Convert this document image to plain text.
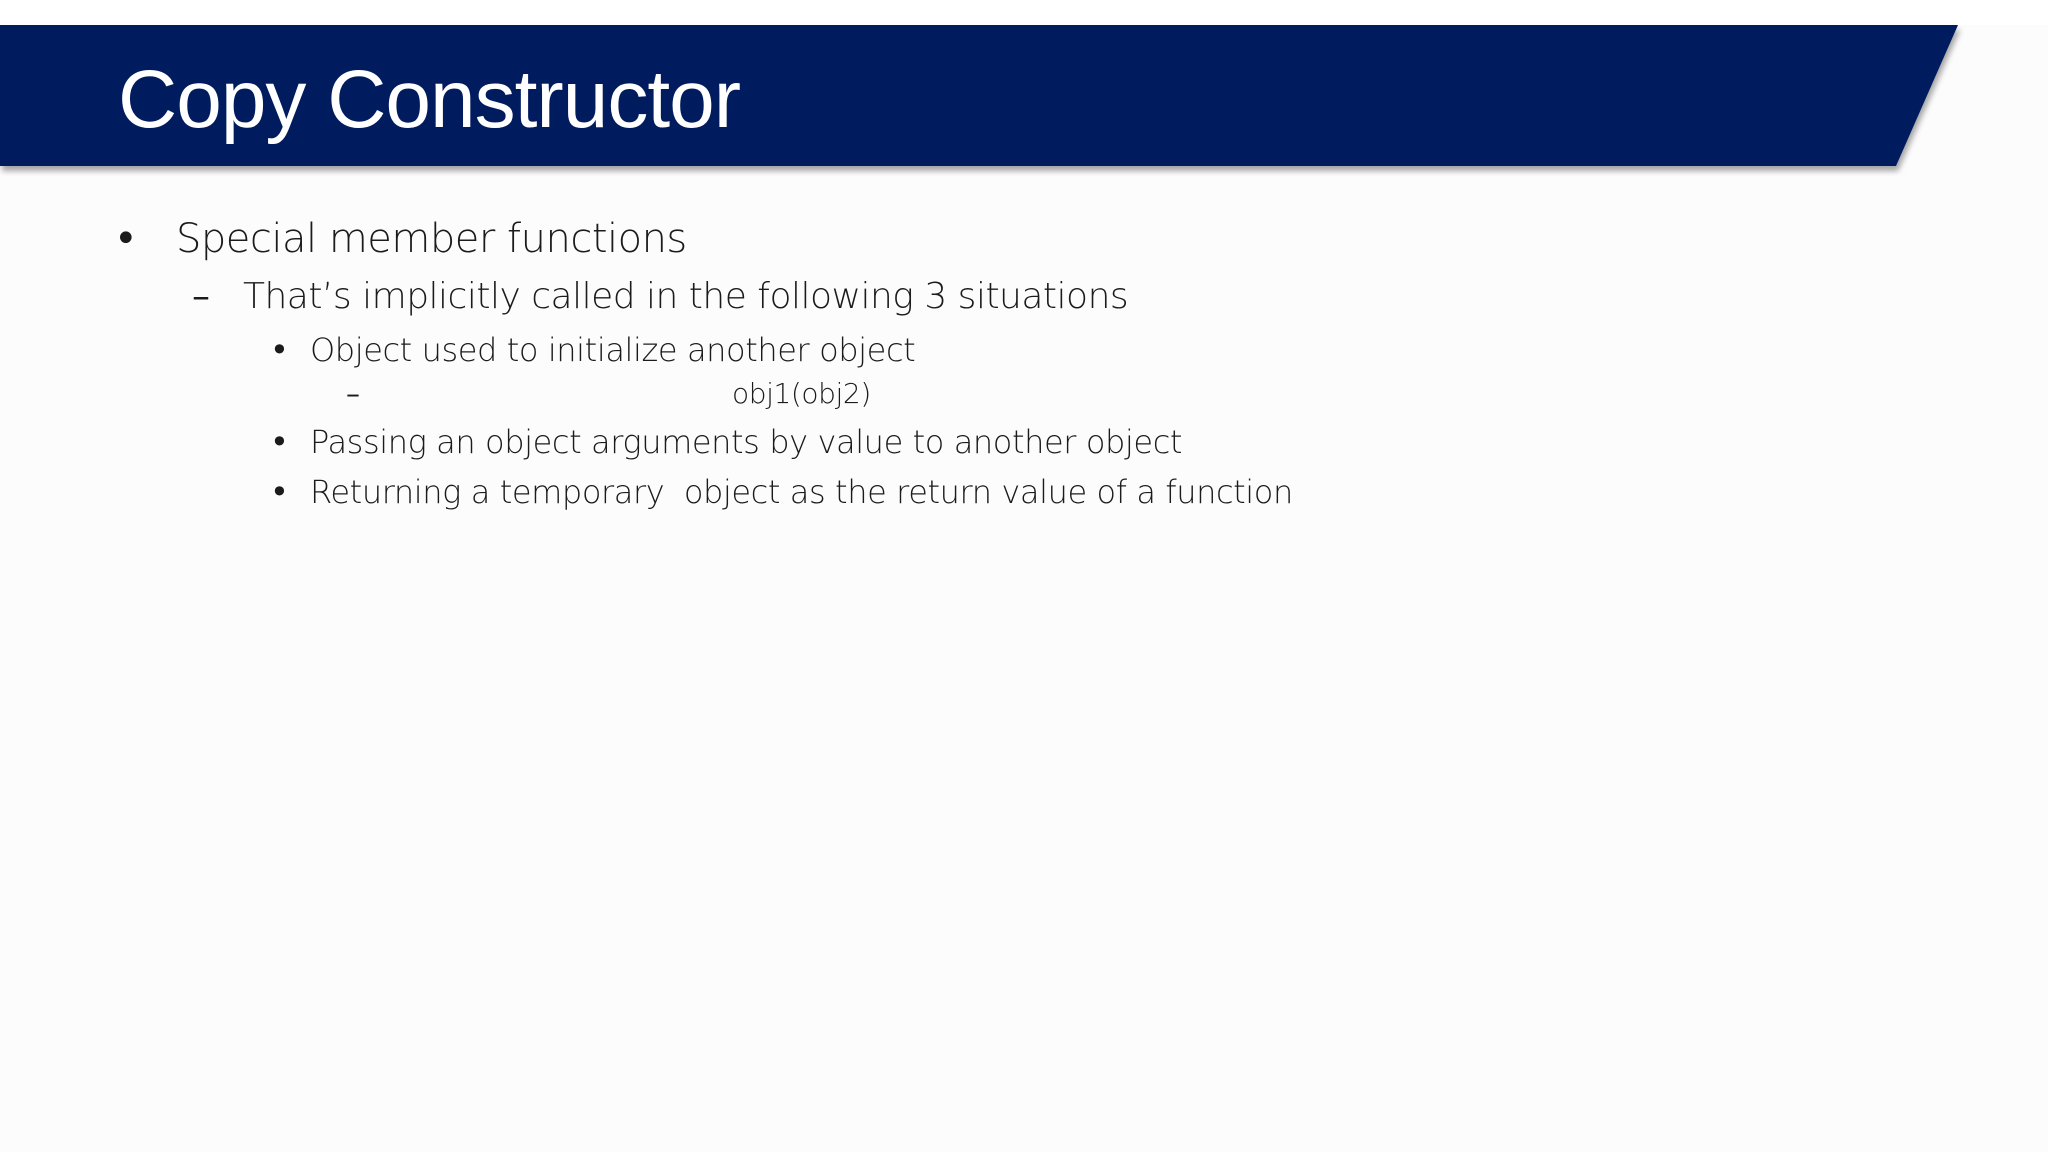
Copy Constructor
• Special member functions
– That’s implicitly called in the following 3 situations
• Object used to initialize another object
–	obj1(obj2)
• Passing an object arguments by value to another object
• Returning a temporary  object as the return value of a function
